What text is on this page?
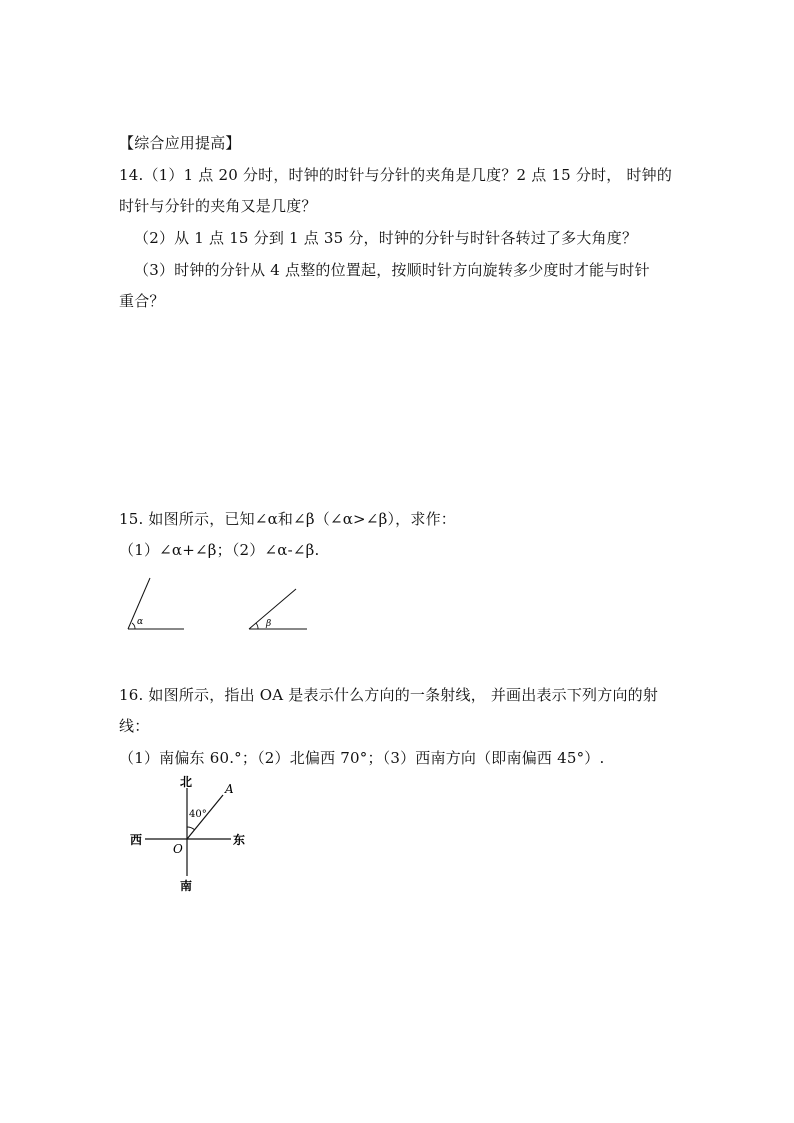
【综合应用提高】
14.（1）1 点 20 分时，时钟的时针与分针的夹角是几度？2 点 15 分时， 时钟的
时针与分针的夹角又是几度？
（2）从 1 点 15 分到 1 点 35 分，时钟的分针与时针各转过了多大角度？
（3）时钟的分针从 4 点整的位置起，按顺时针方向旋转多少度时才能与时针
重合？
15. 如图所示，已知∠α和∠β（∠α>∠β），求作：
（1）∠α+∠β；（2）∠α-∠β.
α	β
16. 如图所示，指出 OA 是表示什么方向的一条射线， 并画出表示下列方向的射
线：
（1）南偏东 60.°；（2）北偏西 70°；（3）西南方向（即南偏西 45°）.
北
南
西	东
O
A
40°
